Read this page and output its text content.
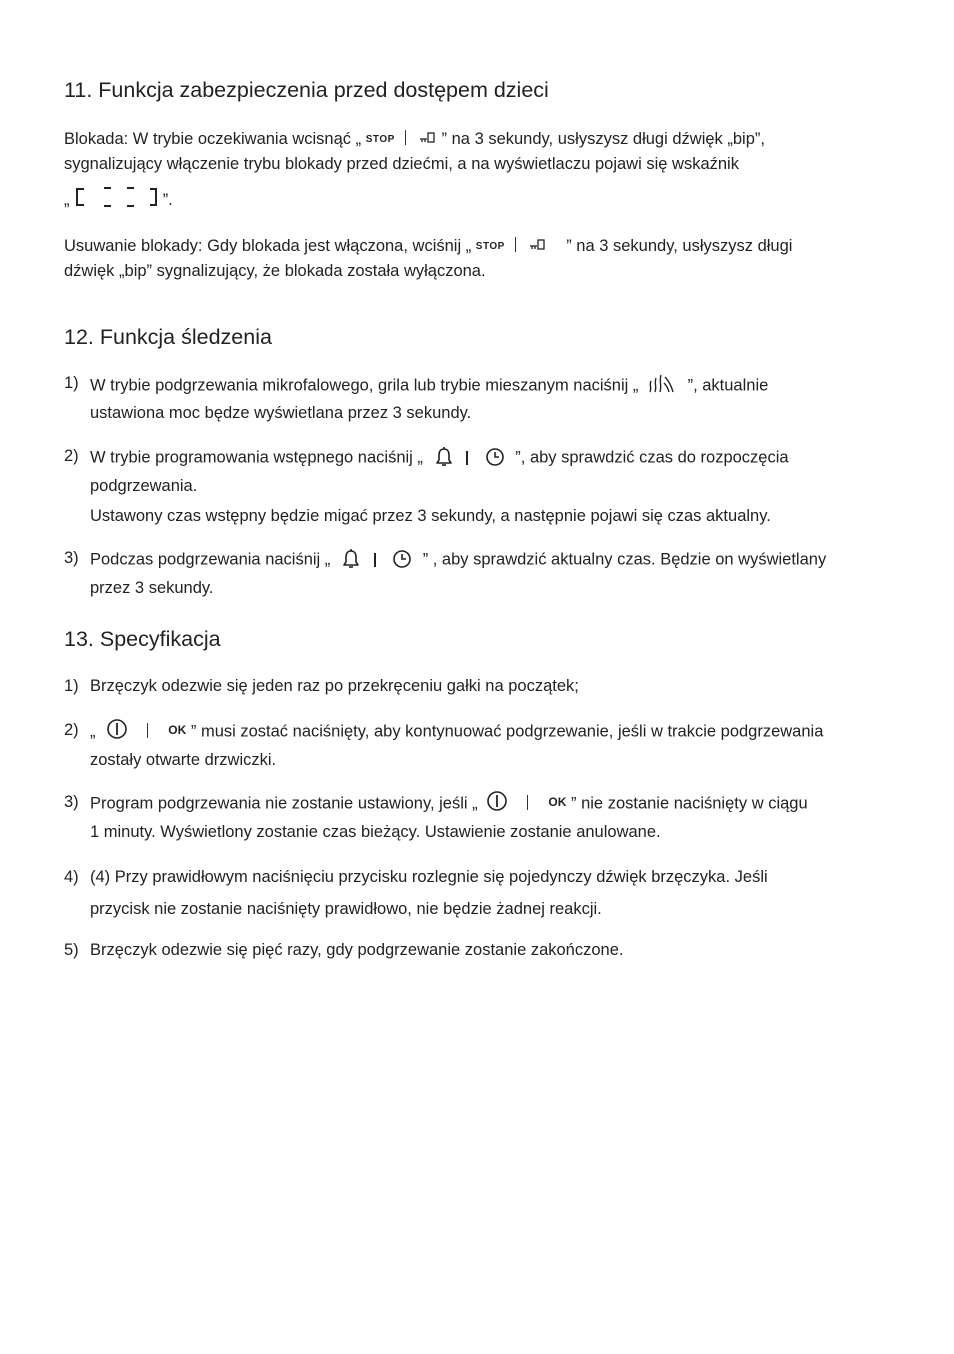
11. Funkcja zabezpieczenia przed dostępem dzieci
Blokada: W trybie oczekiwania wcisnąć „ STOP	” na 3 sekundy, usłyszysz długi dźwięk „bip”,
sygnalizujący włączenie trybu blokady przed dziećmi, a na wyświetlaczu pojawi się wskaźnik
„	”.
Usuwanie blokady: Gdy blokada jest włączona, wciśnij „ STOP	” na 3 sekundy, usłyszysz długi
dźwięk „bip” sygnalizujący, że blokada została wyłączona.
12. Funkcja śledzenia
1) W trybie podgrzewania mikrofalowego, grila lub trybie mieszanym naciśnij „	”, aktualnie
ustawiona moc będze wyświetlana przez 3 sekundy.
2) W trybie programowania wstępnego naciśnij „	”, aby sprawdzić czas do rozpoczęcia
podgrzewania.
Ustawony czas wstępny będzie migać przez 3 sekundy, a następnie pojawi się czas aktualny.
3) Podczas podgrzewania naciśnij „	” , aby sprawdzić aktualny czas. Będzie on wyświetlany
przez 3 sekundy.
13. Specyfikacja
1) Brzęczyk odezwie się jeden raz po przekręceniu gałki na początek;
2) „	OK ” musi zostać naciśnięty, aby kontynuować podgrzewanie, jeśli w trakcie podgrzewania
zostały otwarte drzwiczki.
3) Program podgrzewania nie zostanie ustawiony, jeśli „	OK ” nie zostanie naciśnięty w ciągu
1 minuty. Wyświetlony zostanie czas bieżący. Ustawienie zostanie anulowane.
4) (4) Przy prawidłowym naciśnięciu przycisku rozlegnie się pojedynczy dźwięk brzęczyka. Jeśli
przycisk nie zostanie naciśnięty prawidłowo, nie będzie żadnej reakcji.
5) Brzęczyk odezwie się pięć razy, gdy podgrzewanie zostanie zakończone.
